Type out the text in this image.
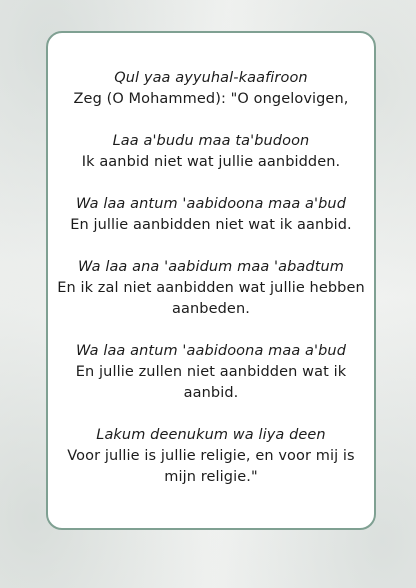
Qul yaa ayyuhal-kaafiroon
Zeg (O Mohammed): "O ongelovigen,
Laa a'budu maa ta'budoon
Ik aanbid niet wat jullie aanbidden.
Wa laa antum 'aabidoona maa a'bud
En jullie aanbidden niet wat ik aanbid.
Wa laa ana 'aabidum maa 'abadtum
En ik zal niet aanbidden wat jullie hebben
aanbeden.
Wa laa antum 'aabidoona maa a'bud
En jullie zullen niet aanbidden wat ik
aanbid.
Lakum deenukum wa liya deen
Voor jullie is jullie religie, en voor mij is
mijn religie."
